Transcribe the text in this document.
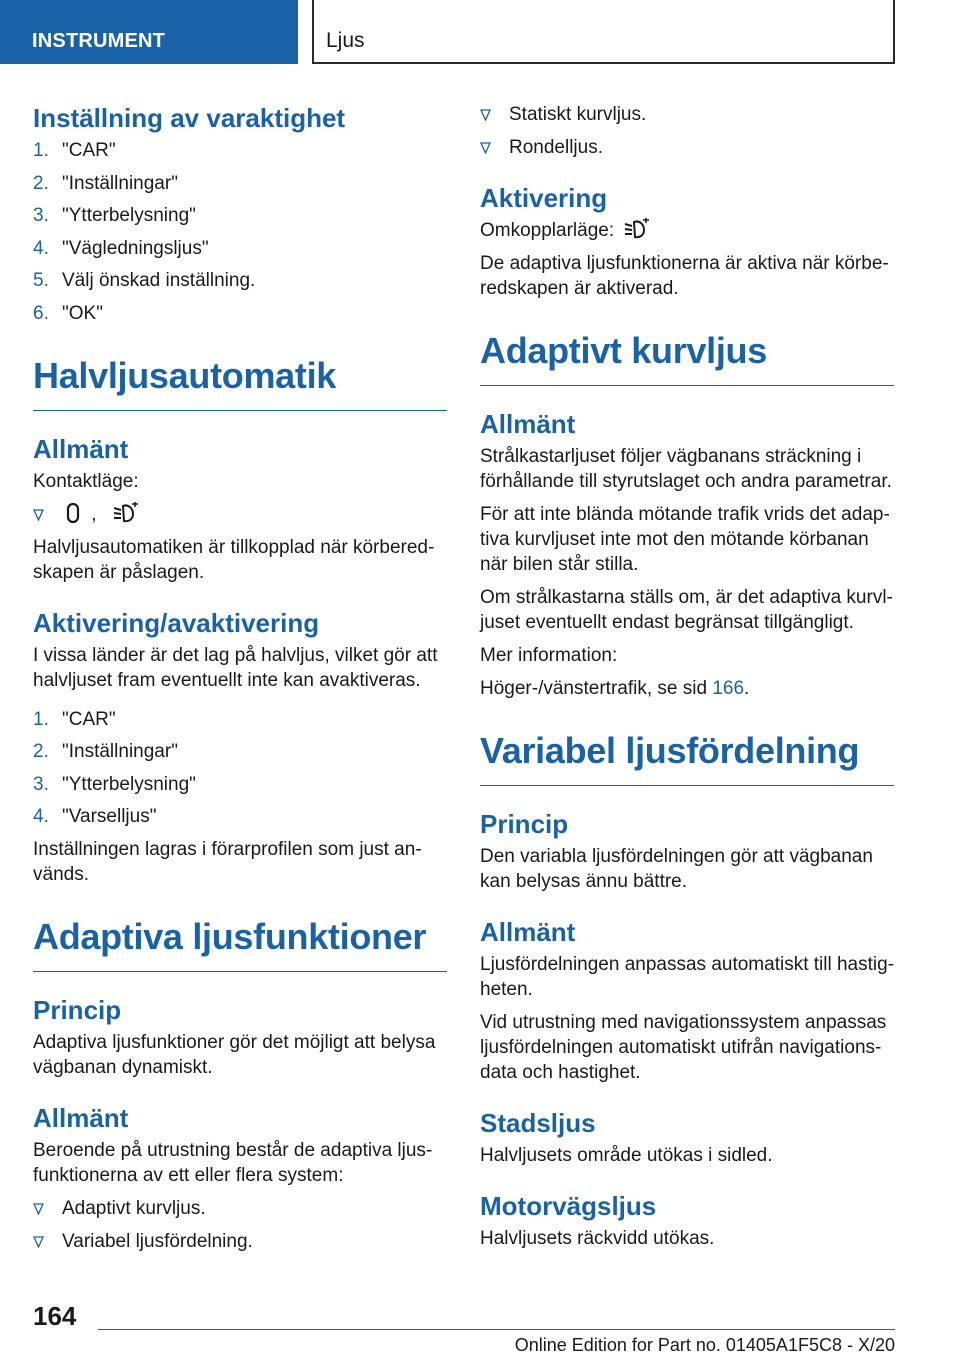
INSTRUMENT	Ljus
Inställning av varaktighet
1. "CAR"
2. "Inställningar"
3. "Ytterbelysning"
4. "Vägledningsljus"
5. Välj önskad inställning.
6. "OK"
Halvljusautomatik
Allmänt
Kontaktläge:
,
Halvljusautomatiken är tillkopplad när körberedskapen är påslagen.
Aktivering/avaktivering
I vissa länder är det lag på halvljus, vilket gör att halvljuset fram eventuellt inte kan avaktiveras.
1. "CAR"
2. "Inställningar"
3. "Ytterbelysning"
4. "Varselljus"
Inställningen lagras i förarprofilen som just används.
Adaptiva ljusfunktioner
Princip
Adaptiva ljusfunktioner gör det möjligt att belysa vägbanan dynamiskt.
Allmänt
Beroende på utrustning består de adaptiva ljusfunktionerna av ett eller flera system:
Adaptivt kurvljus.
Variabel ljusfördelning.
Statiskt kurvljus.
Rondelljus.
Aktivering
Omkopplarläge:
De adaptiva ljusfunktionerna är aktiva när körberedskapen är aktiverad.
Adaptivt kurvljus
Allmänt
Strålkastarljuset följer vägbanans sträckning i förhållande till styrutslaget och andra parametrar.
För att inte blända mötande trafik vrids det adaptiva kurvljuset inte mot den mötande körbanan när bilen står stilla.
Om strålkastarna ställs om, är det adaptiva kurvljuset eventuellt endast begränsat tillgängligt.
Mer information:
Höger-/vänstertrafik, se sid 166.
Variabel ljusfördelning
Princip
Den variabla ljusfördelningen gör att vägbanan kan belysas ännu bättre.
Allmänt
Ljusfördelningen anpassas automatiskt till hastigheten.
Vid utrustning med navigationssystem anpassas ljusfördelningen automatiskt utifrån navigationsdata och hastighet.
Stadsljus
Halvljusets område utökas i sidled.
Motorvägsljus
Halvljusets räckvidd utökas.
164
Online Edition for Part no. 01405A1F5C8 - X/20
